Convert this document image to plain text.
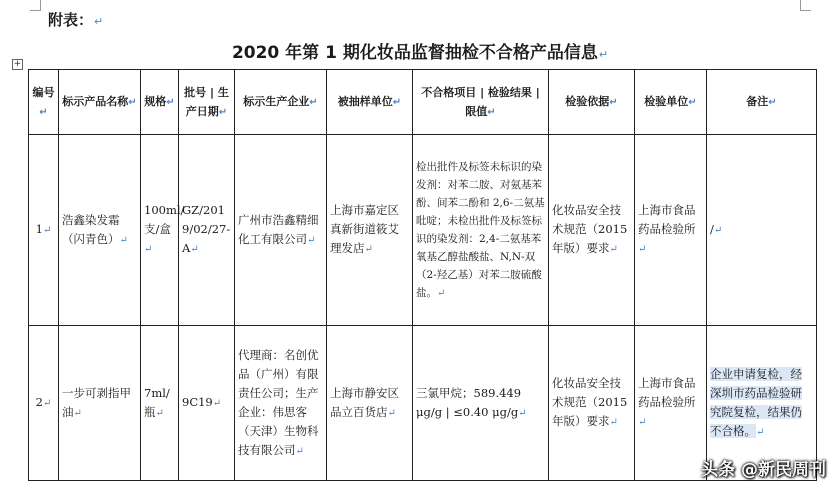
附表：↵
2020 年第 1 期化妆品监督抽检不合格产品信息↵
+
编号↵	标示产品名称↵	规格↵	批号 | 生产日期↵	标示生产企业↵	被抽样单位↵	不合格项目 | 检验结果 | 限值↵	检验依据↵	检验单位↵	备注↵
1↵	浩鑫染发霜（闪青色）↵	100ml/支/盒↵	GZ/2019/02/27-A↵	广州市浩鑫精细化工有限公司↵	上海市嘉定区真新街道筱艾理发店↵	检出批件及标签未标识的染发剂：对苯二胺、对氨基苯酚、间苯二酚和 2,6-二氨基吡啶；未检出批件及标签标识的染发剂：2,4-二氨基苯氧基乙醇盐酸盐、N,N-双（2-羟乙基）对苯二胺硫酸盐。↵	化妆品安全技术规范（2015 年版）要求↵	上海市食品药品检验所↵	/↵
2↵	一步可剥指甲油↵	7ml/瓶↵	9C19↵	代理商：名创优品（广州）有限责任公司；生产企业：伟思客（天津）生物科技有限公司↵	上海市静安区品立百货店↵	三氯甲烷；589.449 μg/g | ≤0.40 μg/g↵	化妆品安全技术规范（2015 年版）要求↵	上海市食品药品检验所↵	企业申请复检，经深圳市药品检验研究院复检，结果仍不合格。↵
头条 @新民周刊
